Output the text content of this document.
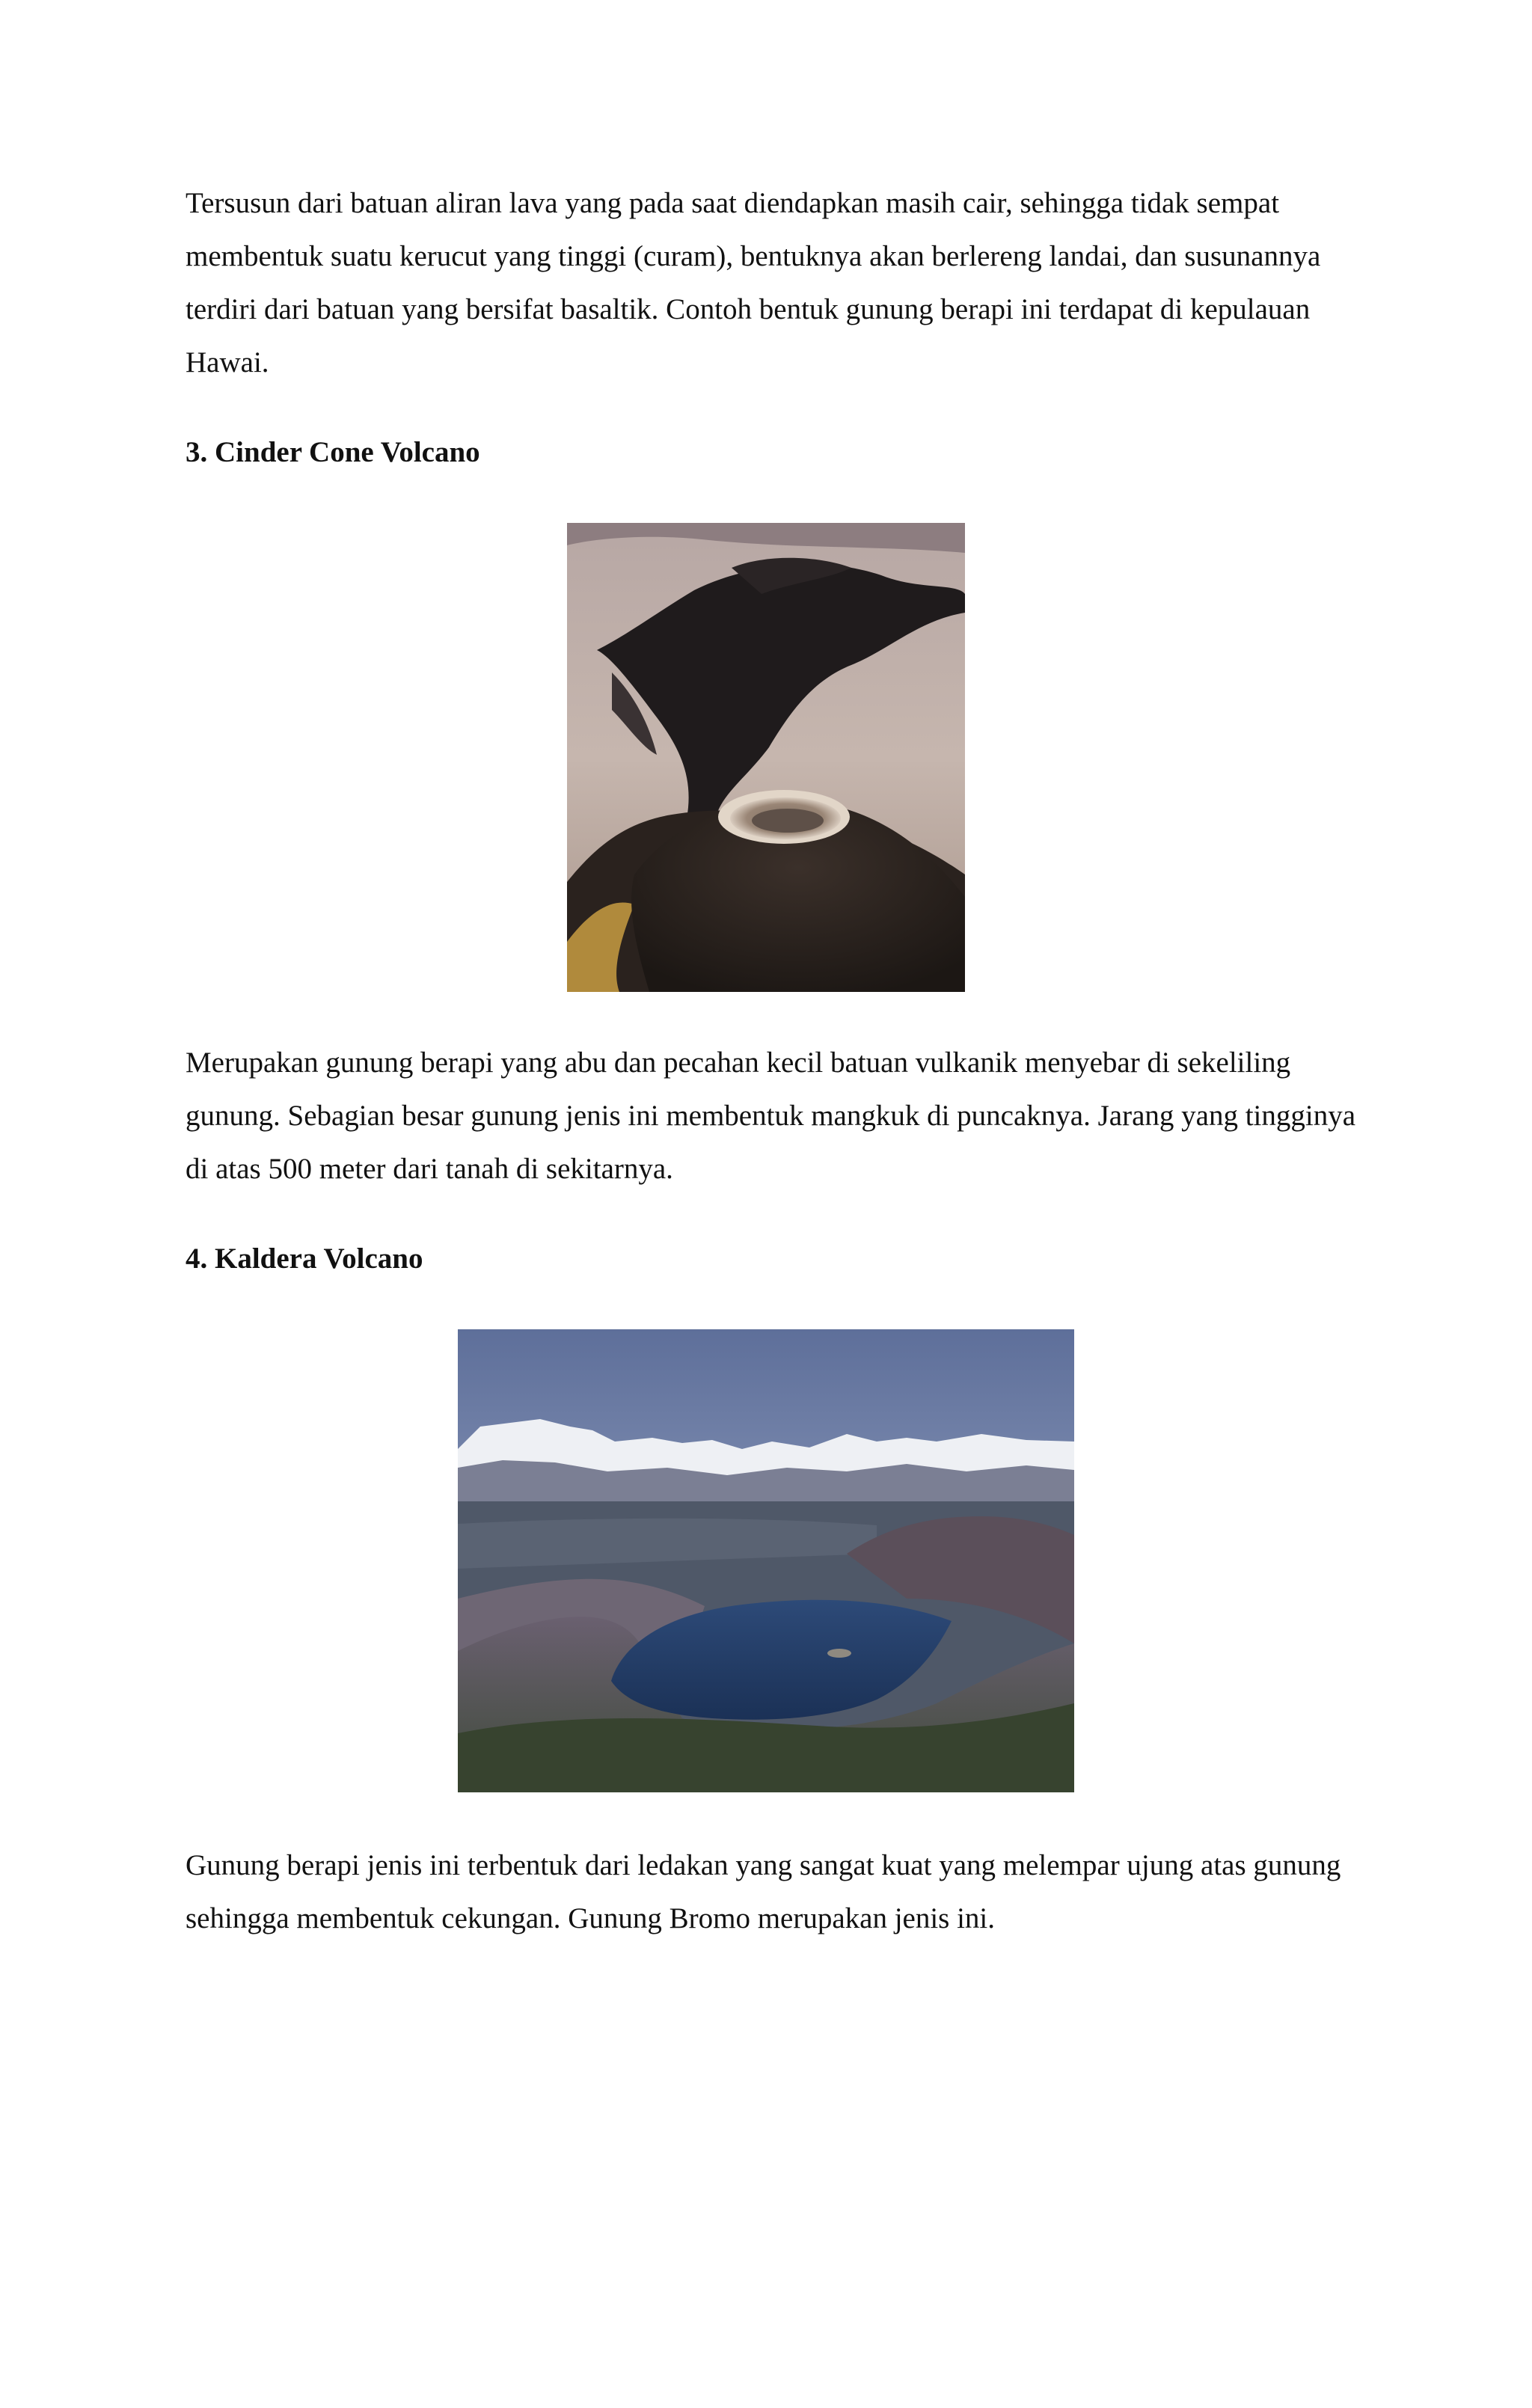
Tersusun dari batuan aliran lava yang pada saat diendapkan masih cair, sehingga tidak sempat membentuk suatu kerucut yang tinggi (curam), bentuknya akan berlereng landai, dan susunannya terdiri dari batuan yang bersifat basaltik. Contoh bentuk gunung berapi ini terdapat di kepulauan Hawai.

3. Cinder Cone Volcano

Merupakan gunung berapi yang abu dan pecahan kecil batuan vulkanik menyebar di sekeliling gunung. Sebagian besar gunung jenis ini membentuk mangkuk di puncaknya. Jarang yang tingginya di atas 500 meter dari tanah di sekitarnya.

4. Kaldera Volcano

Gunung berapi jenis ini terbentuk dari ledakan yang sangat kuat yang melempar ujung atas gunung sehingga membentuk cekungan. Gunung Bromo merupakan jenis ini.
